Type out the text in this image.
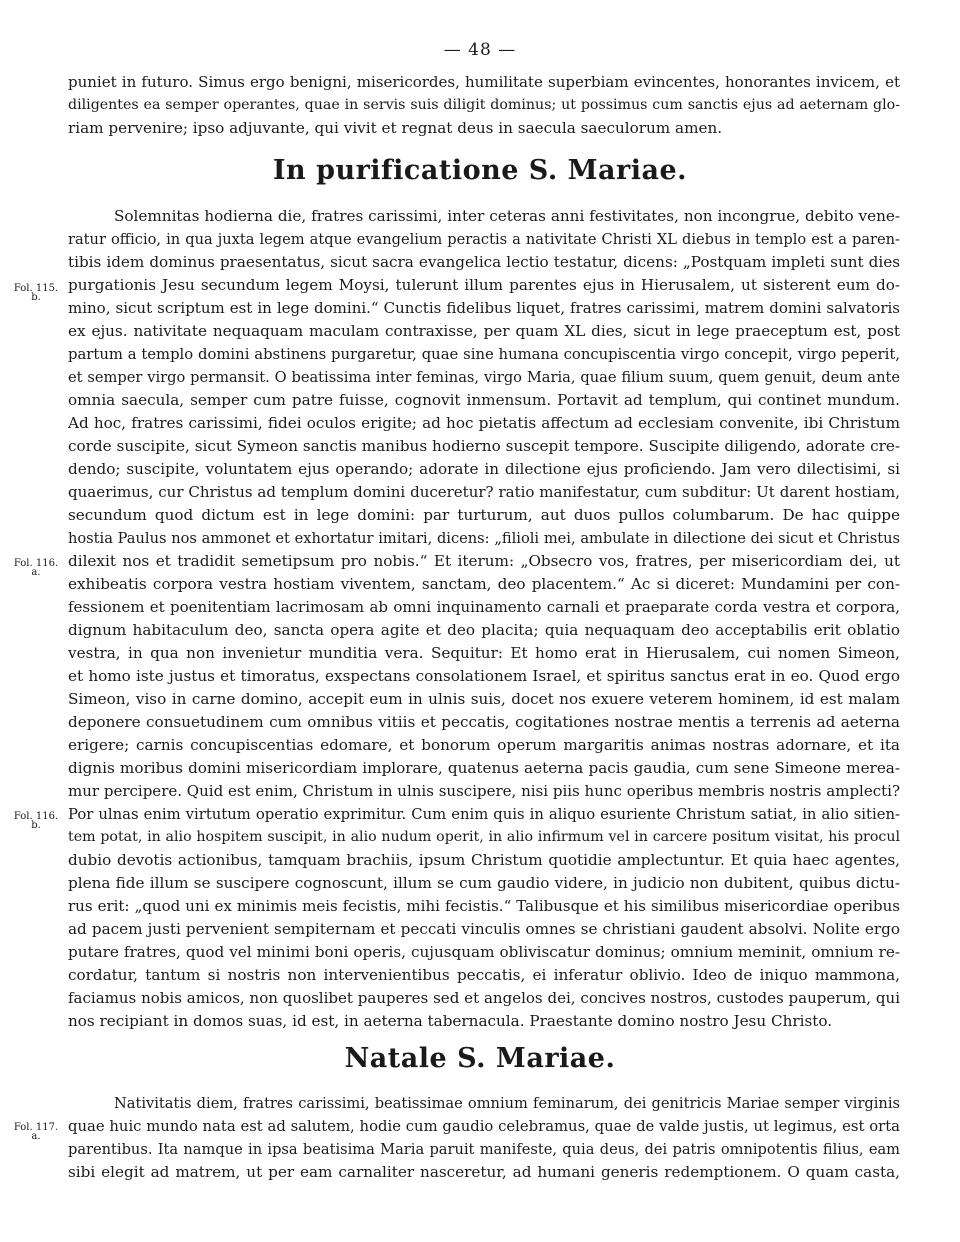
— 48 —
puniet in futuro. Simus ergo benigni, misericordes, humilitate superbiam evincentes, honorantes invicem, et
diligentes ea semper operantes, quae in servis suis diligit dominus; ut possimus cum sanctis ejus ad aeternam glo-
riam pervenire; ipso adjuvante, qui vivit et regnat deus in saecula saeculorum amen.
In purificatione S. Mariae.
Solemnitas hodierna die, fratres carissimi, inter ceteras anni festivitates, non incongrue, debito vene-
ratur officio, in qua juxta legem atque evangelium peractis a nativitate Christi XL diebus in templo est a paren-
tibis idem dominus praesentatus, sicut sacra evangelica lectio testatur, dicens: „Postquam impleti sunt dies
purgationis Jesu secundum legem Moysi, tulerunt illum parentes ejus in Hierusalem, ut sisterent eum do-
mino, sicut scriptum est in lege domini.“ Cunctis fidelibus liquet, fratres carissimi, matrem domini salvatoris
ex ejus. nativitate nequaquam maculam contraxisse, per quam XL dies, sicut in lege praeceptum est, post
partum a templo domini abstinens purgaretur, quae sine humana concupiscentia virgo concepit, virgo peperit,
et semper virgo permansit. O beatissima inter feminas, virgo Maria, quae filium suum, quem genuit, deum ante
omnia saecula, semper cum patre fuisse, cognovit inmensum. Portavit ad templum, qui continet mundum.
Ad hoc, fratres carissimi, fidei oculos erigite; ad hoc pietatis affectum ad ecclesiam convenite, ibi Christum
corde suscipite, sicut Symeon sanctis manibus hodierno suscepit tempore. Suscipite diligendo, adorate cre-
dendo; suscipite, voluntatem ejus operando; adorate in dilectione ejus proficiendo. Jam vero dilectisimi, si
quaerimus, cur Christus ad templum domini duceretur? ratio manifestatur, cum subditur: Ut darent hostiam,
secundum quod dictum est in lege domini: par turturum, aut duos pullos columbarum. De hac quippe
hostia Paulus nos ammonet et exhortatur imitari, dicens: „filioli mei, ambulate in dilectione dei sicut et Christus
dilexit nos et tradidit semetipsum pro nobis.“ Et iterum: „Obsecro vos, fratres, per misericordiam dei, ut
exhibeatis corpora vestra hostiam viventem, sanctam, deo placentem.“ Ac si diceret: Mundamini per con-
fessionem et poenitentiam lacrimosam ab omni inquinamento carnali et praeparate corda vestra et corpora,
dignum habitaculum deo, sancta opera agite et deo placita; quia nequaquam deo acceptabilis erit oblatio
vestra, in qua non invenietur munditia vera. Sequitur: Et homo erat in Hierusalem, cui nomen Simeon,
et homo iste justus et timoratus, exspectans consolationem Israel, et spiritus sanctus erat in eo. Quod ergo
Simeon, viso in carne domino, accepit eum in ulnis suis, docet nos exuere veterem hominem, id est malam
deponere consuetudinem cum omnibus vitiis et peccatis, cogitationes nostrae mentis a terrenis ad aeterna
erigere; carnis concupiscentias edomare, et bonorum operum margaritis animas nostras adornare, et ita
dignis moribus domini misericordiam implorare, quatenus aeterna pacis gaudia, cum sene Simeone merea-
mur percipere. Quid est enim, Christum in ulnis suscipere, nisi piis hunc operibus membris nostris amplecti?
Por ulnas enim virtutum operatio exprimitur. Cum enim quis in aliquo esuriente Christum satiat, in alio sitien-
tem potat, in alio hospitem suscipit, in alio nudum operit, in alio infirmum vel in carcere positum visitat, his procul
dubio devotis actionibus, tamquam brachiis, ipsum Christum quotidie amplectuntur. Et quia haec agentes,
plena fide illum se suscipere cognoscunt, illum se cum gaudio videre, in judicio non dubitent, quibus dictu-
rus erit: „quod uni ex minimis meis fecistis, mihi fecistis.“ Talibusque et his similibus misericordiae operibus
ad pacem justi pervenient sempiternam et peccati vinculis omnes se christiani gaudent absolvi. Nolite ergo
putare fratres, quod vel minimi boni operis, cujusquam obliviscatur dominus; omnium meminit, omnium re-
cordatur, tantum si nostris non intervenientibus peccatis, ei inferatur oblivio. Ideo de iniquo mammona,
faciamus nobis amicos, non quoslibet pauperes sed et angelos dei, concives nostros, custodes pauperum, qui
nos recipiant in domos suas, id est, in aeterna tabernacula. Praestante domino nostro Jesu Christo.
Natale S. Mariae.
Nativitatis diem, fratres carissimi, beatissimae omnium feminarum, dei genitricis Mariae semper virginis
quae huic mundo nata est ad salutem, hodie cum gaudio celebramus, quae de valde justis, ut legimus, est orta
parentibus. Ita namque in ipsa beatisima Maria paruit manifeste, quia deus, dei patris omnipotentis filius, eam
sibi elegit ad matrem, ut per eam carnaliter nasceretur, ad humani generis redemptionem. O quam casta,
Fol. 115.
b.
Fol. 116.
a.
Fol. 116.
b.
Fol. 117.
a.
